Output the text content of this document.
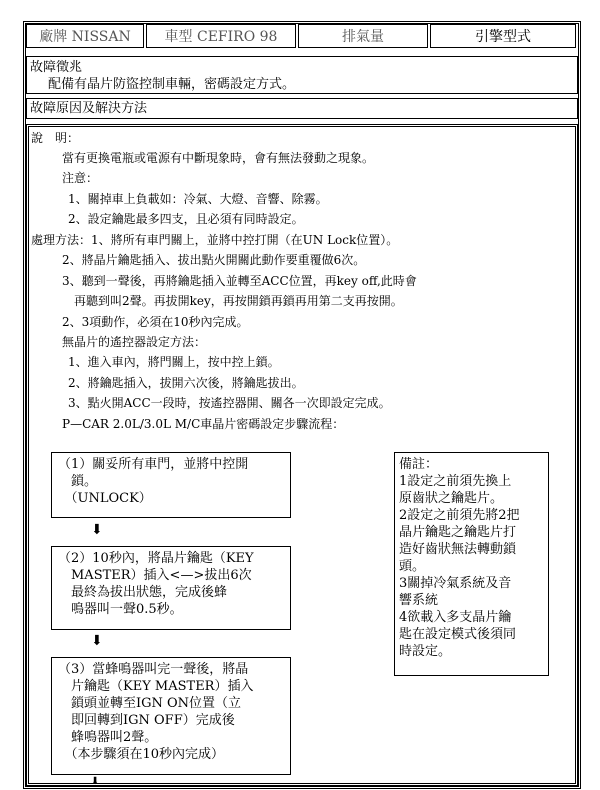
廠牌 NISSAN	車型 CEFIRO 98	排氣量	引擎型式
故障徵兆
配備有晶片防盜控制車輛，密碼設定方式。
故障原因及解決方法
說　明：
當有更換電瓶或電源有中斷現象時，會有無法發動之現象。
注意：
1、關掉車上負載如：冷氣、大燈、音響、除霧。
2、設定鑰匙最多四支，且必須有同時設定。
處理方法：1、將所有車門關上，並將中控打開（在UN Lock位置）。
2、將晶片鑰匙插入、拔出點火開關此動作要重覆做6次。
3、聽到一聲後，再將鑰匙插入並轉至ACC位置，再key off,此時會
再聽到叫2聲。再拔開key，再按開鎖再鎖再用第二支再按開。
2、3項動作，必須在10秒內完成。
無晶片的遙控器設定方法：
1、進入車內，將門關上，按中控上鎖。
2、將鑰匙插入，拔開六次後，將鑰匙拔出。
3、點火開ACC一段時，按遙控器開、關各一次即設定完成。
P—CAR 2.0L/3.0L M/C車晶片密碼設定步驟流程：
（1）關妥所有車門，並將中控開
　鎖。
　（UNLOCK）
⬇
（2）10秒內，將晶片鑰匙（KEY
　MASTER）插入<—>拔出6次
　最終為拔出狀態，完成後蜂
　鳴器叫一聲0.5秒。
⬇
（3）當蜂鳴器叫完一聲後，將晶
　片鑰匙（KEY MASTER）插入
　鎖頭並轉至IGN ON位置（立
　即回轉到IGN OFF）完成後
　蜂鳴器叫2聲。
　（本步驟須在10秒內完成）
⬇
備註：
1設定之前須先換上
原齒狀之鑰匙片。
2設定之前須先將2把
晶片鑰匙之鑰匙片打
造好齒狀無法轉動鎖
頭。
3關掉冷氣系統及音
響系統
4欲載入多支晶片鑰
匙在設定模式後須同
時設定。
